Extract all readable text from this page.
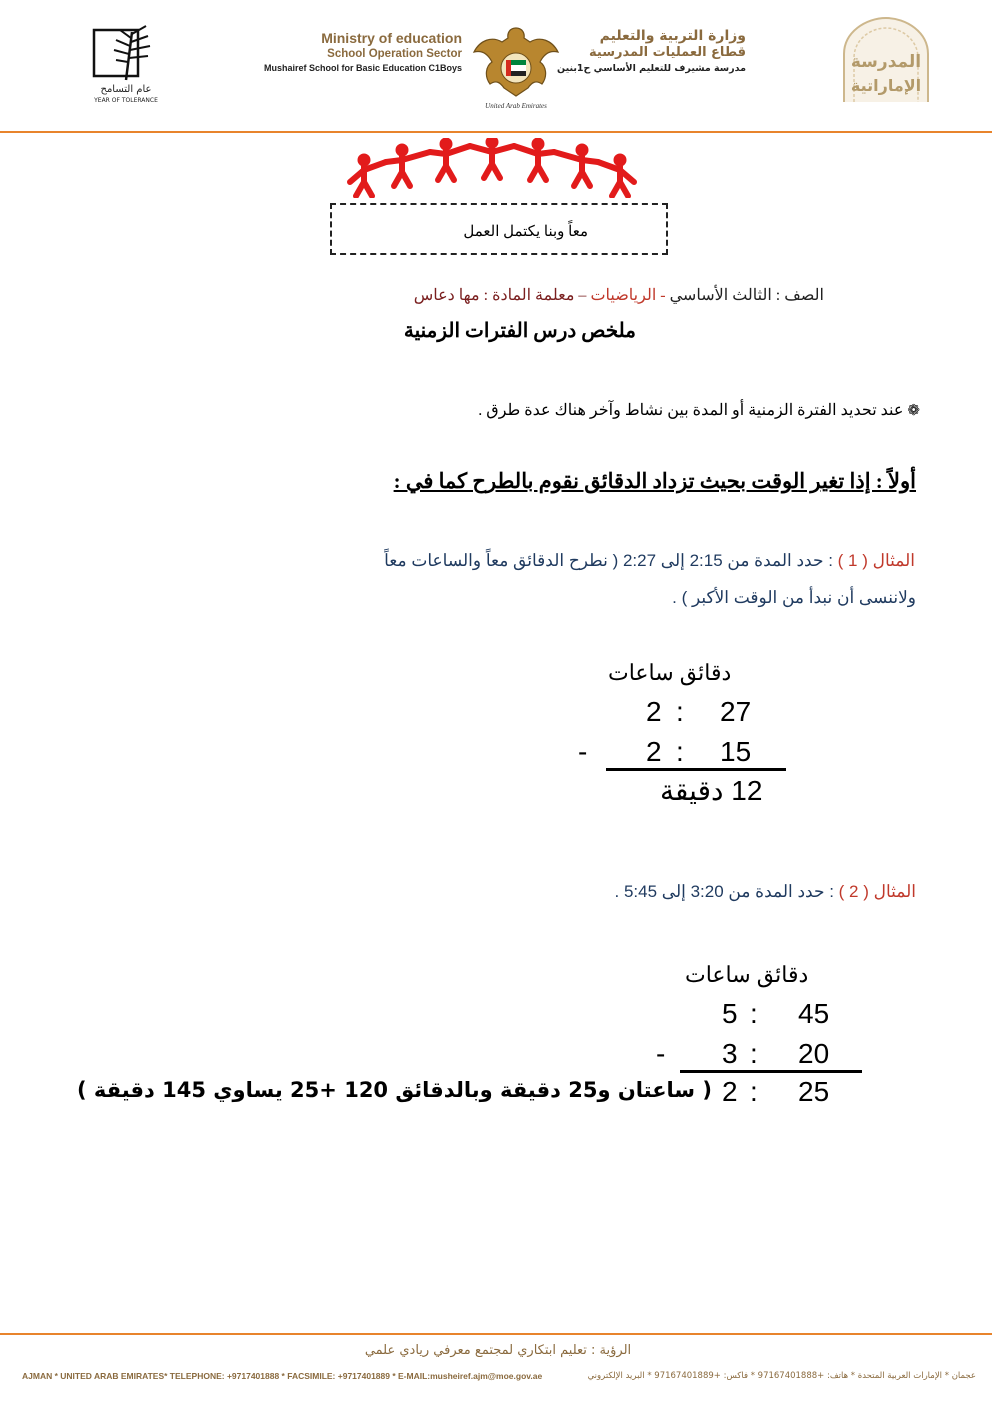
عام التسامح
YEAR OF TOLERANCE
Ministry of education
School Operation Sector
Mushairef School for Basic Education C1Boys
United Arab Emirates
وزارة التربية والتعليم
قطاع العمليات المدرسية
مدرسة مشيرف للتعليم الأساسي ح1بنين	المدرسة
الإماراتية
معاً وبنا يكتمل العمل
الصف : الثالث الأساسي - الرياضيات – معلمة المادة : مها دعاس
ملخص درس الفترات الزمنية
❁ عند تحديد الفترة الزمنية أو المدة بين نشاط وآخر هناك عدة طرق .
أولاً : إذا تغير الوقت بحيث تزداد الدقائق نقوم بالطرح كما في :
المثال ( 1 ) : حدد المدة من 2:15 إلى 2:27 ( نطرح الدقائق معاً والساعات معاً
ولاننسى أن نبدأ من الوقت الأكبر ) .
دقائق ساعات
2 : 27
- 2 : 15
12 دقيقة
المثال ( 2 ) : حدد المدة من 3:20 إلى 5:45 .
دقائق ساعات
5 : 45
- 3 : 20
2 : 25
( ساعتان و25 دقيقة وبالدقائق 120 +25 يساوي 145 دقيقة )
الرؤية : تعليم ابتكاري لمجتمع معرفي ريادي علمي
AJMAN * UNITED ARAB EMIRATES* TELEPHONE: +9717401888 * FACSIMILE: +9717401889 * E-MAIL:musheiref.ajm@moe.gov.ae	عجمان * الإمارات العربية المتحدة * هاتف: +97167401888 * فاكس: +97167401889 * البريد الإلكتروني
